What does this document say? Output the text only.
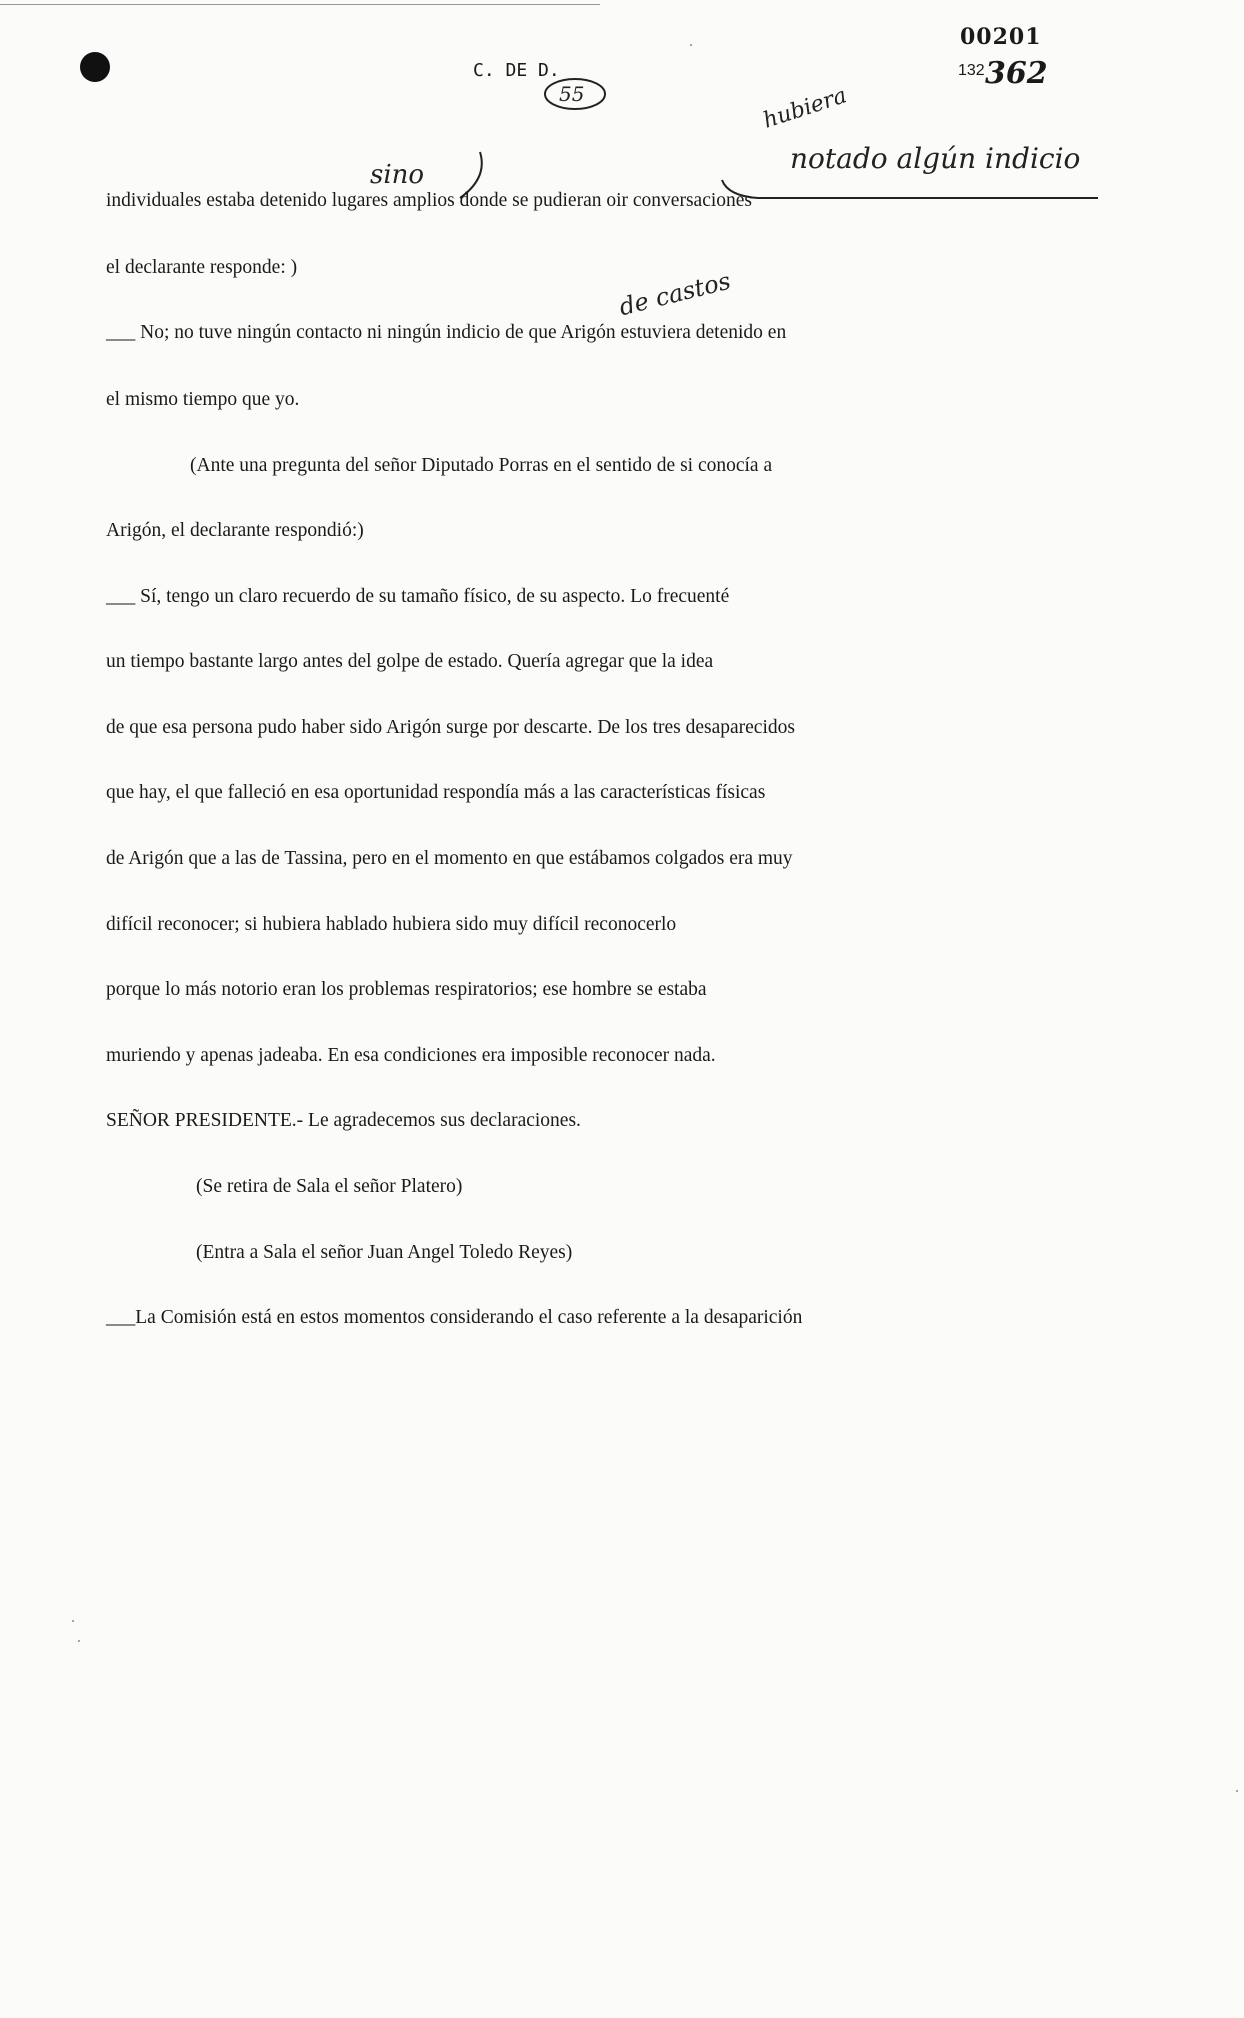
C. DE D.
55
00201
132 362
sino
hubiera
notado algún indicio
de castos
individuales estaba detenido lugares amplios donde se pudieran oir conversaciones
el declarante responde: )
___ No; no tuve ningún contacto ni ningún indicio de que Arigón estuviera detenido en
el mismo tiempo que yo.
(Ante una pregunta del señor Diputado Porras en el sentido de si conocía a
Arigón, el declarante respondió:)
___ Sí, tengo un claro recuerdo de su tamaño físico, de su aspecto. Lo frecuenté
un tiempo bastante largo antes del golpe de estado. Quería agregar que la idea
de que esa persona pudo haber sido Arigón surge por descarte. De los tres desaparecidos
que hay, el que falleció en esa oportunidad respondía más a las características físicas
de Arigón que a las de Tassina, pero en el momento en que estábamos colgados era muy
difícil reconocer; si hubiera hablado hubiera sido muy difícil reconocerlo
porque lo más notorio eran los problemas respiratorios; ese hombre se estaba
muriendo y apenas jadeaba. En esa condiciones era imposible reconocer nada.
SEÑOR PRESIDENTE.- Le agradecemos sus declaraciones.
(Se retira de Sala el señor Platero)
(Entra a Sala el señor Juan Angel Toledo Reyes)
___La Comisión está en estos momentos considerando el caso referente a la desaparición
